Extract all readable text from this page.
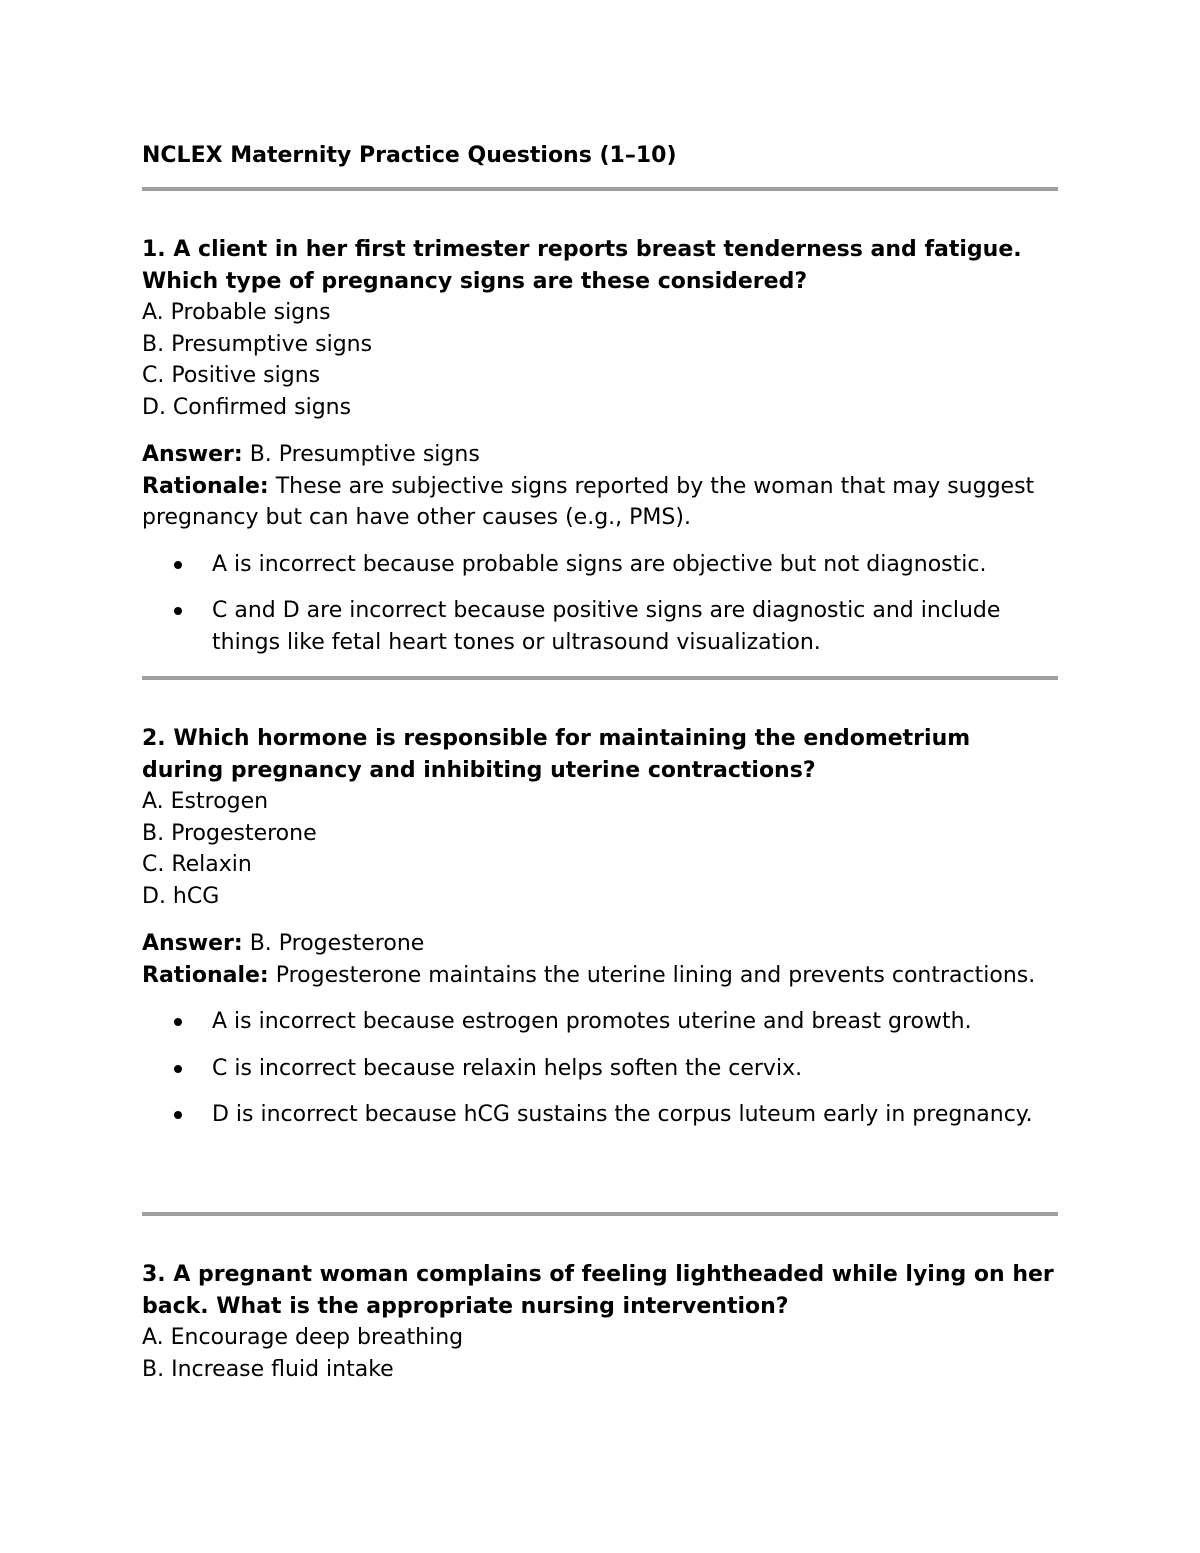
NCLEX Maternity Practice Questions (1–10)

1. A client in her first trimester reports breast tenderness and fatigue. Which type of pregnancy signs are these considered?

A. Probable signs

B. Presumptive signs

C. Positive signs

D. Confirmed signs

Answer: B. Presumptive signs

Rationale: These are subjective signs reported by the woman that may suggest pregnancy but can have other causes (e.g., PMS).

A is incorrect because probable signs are objective but not diagnostic.
C and D are incorrect because positive signs are diagnostic and include things like fetal heart tones or ultrasound visualization.

2. Which hormone is responsible for maintaining the endometrium during pregnancy and inhibiting uterine contractions?

A. Estrogen

B. Progesterone

C. Relaxin

D. hCG

Answer: B. Progesterone

Rationale: Progesterone maintains the uterine lining and prevents contractions.

A is incorrect because estrogen promotes uterine and breast growth.
C is incorrect because relaxin helps soften the cervix.
D is incorrect because hCG sustains the corpus luteum early in pregnancy.

3. A pregnant woman complains of feeling lightheaded while lying on her back. What is the appropriate nursing intervention?

A. Encourage deep breathing

B. Increase fluid intake
